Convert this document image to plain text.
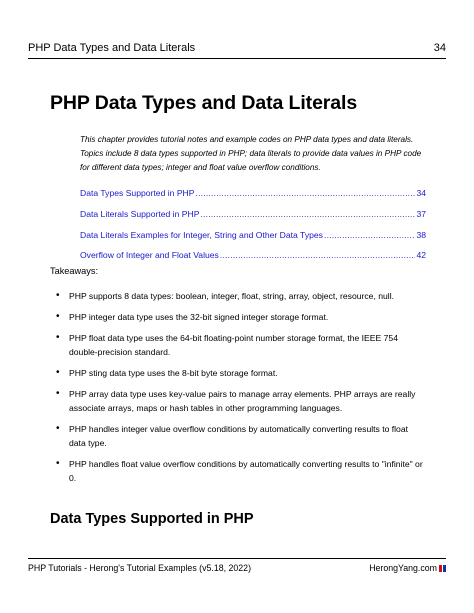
PHP Data Types and Data Literals	34
PHP Data Types and Data Literals

This chapter provides tutorial notes and example codes on PHP data types and data literals. Topics include 8 data types supported in PHP; data literals to provide data values in PHP code for different data types; integer and float value overflow conditions.

Data Types Supported in PHP .....	34
Data Literals Supported in PHP .....	37
Data Literals Examples for Integer, String and Other Data Types .....	38
Overflow of Integer and Float Values .....	42

Takeaways:

• PHP supports 8 data types: boolean, integer, float, string, array, object, resource, null.
• PHP integer data type uses the 32-bit signed integer storage format.
• PHP float data type uses the 64-bit floating-point number storage format, the IEEE 754 double-precision standard.
• PHP sting data type uses the 8-bit byte storage format.
• PHP array data type uses key-value pairs to manage array elements. PHP arrays are really associate arrays, maps or hash tables in other programming languages.
• PHP handles integer value overflow conditions by automatically converting results to float data type.
• PHP handles float value overflow conditions by automatically converting results to "infinite" or 0.
Data Types Supported in PHP
PHP Tutorials - Herong's Tutorial Examples (v5.18, 2022)	HerongYang.com
